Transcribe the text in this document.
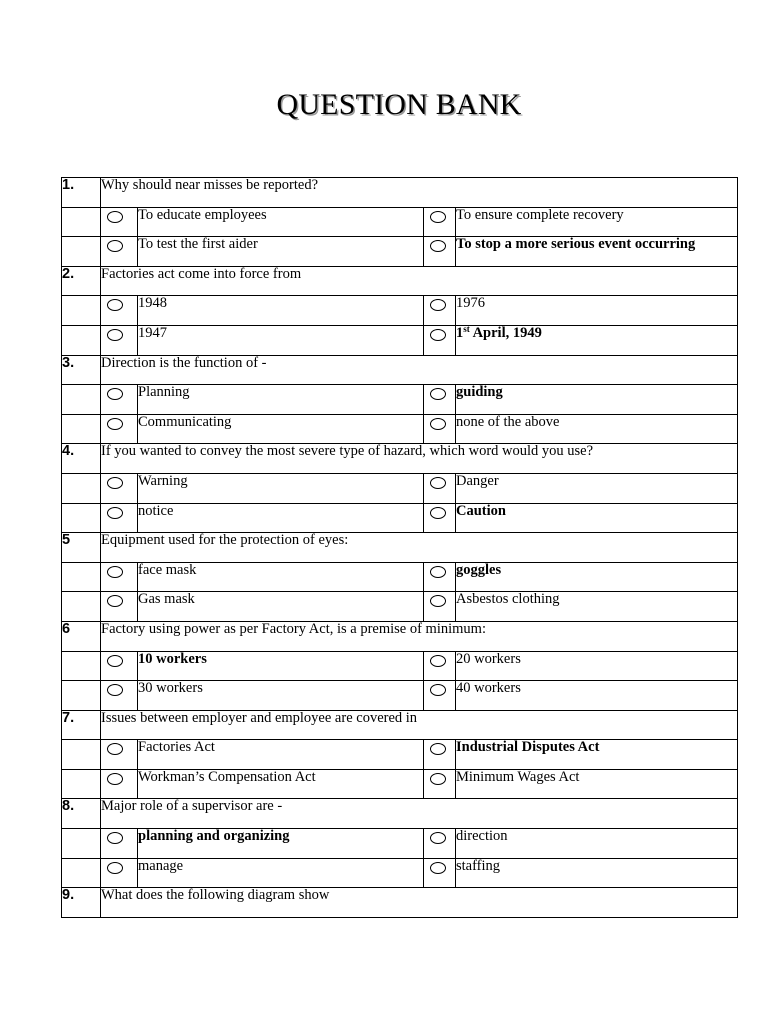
QUESTION BANK
1.	Why should near misses be reported?			

	To educate employees		To ensure complete recovery

	To test the first aider		To stop a more serious event occurring
2.	Factories act come into force from			

	1948		1976

	1947		1st April, 1949
3.	Direction is the function of -			

	Planning		guiding

	Communicating		none of the above
4.	If you wanted to convey the most severe type of hazard, which word would you use?			

	Warning		Danger

	notice		Caution
5	Equipment used for the protection of eyes:			

	face mask		goggles

	Gas mask		Asbestos clothing
6	Factory using power as per Factory Act, is a premise of minimum:			

	10 workers		20 workers

	30 workers		40 workers
7.	Issues between employer and employee are covered in			

	Factories Act		Industrial Disputes Act

	Workman’s Compensation Act		Minimum Wages Act
8.	Major role of a supervisor are -			

	planning and organizing		direction

	manage		staffing
9.	What does the following diagram show			
